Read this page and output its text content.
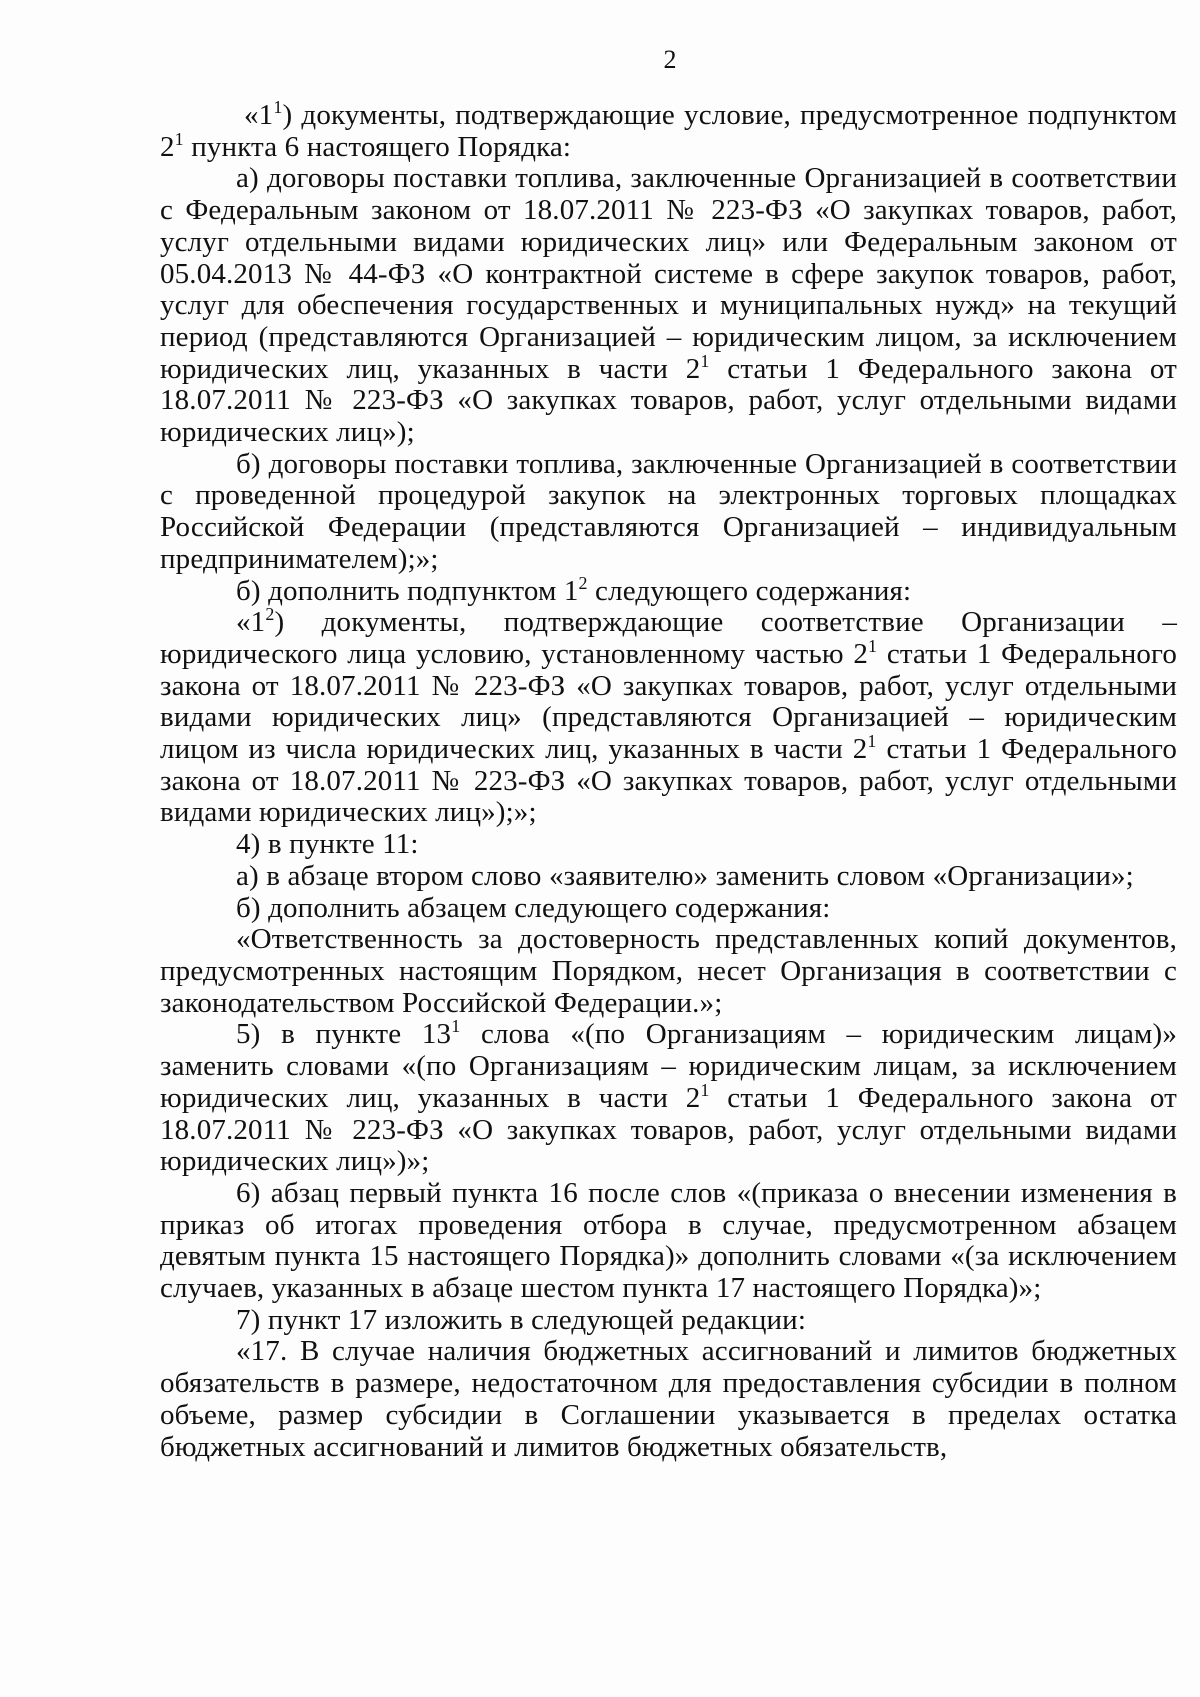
2

«$1^1$) документы, подтверждающие условие, предусмотренное подпунктом $2^1$ пункта 6 настоящего Порядка:

а) договоры поставки топлива, заключенные Организацией в соответствии с Федеральным законом от 18.07.2011 № 223-ФЗ «О закупках товаров, работ, услуг отдельными видами юридических лиц» или Федеральным законом от 05.04.2013 № 44-ФЗ «О контрактной системе в сфере закупок товаров, работ, услуг для обеспечения государственных и муниципальных нужд» на текущий период (представляются Организацией – юридическим лицом, за исключением юридических лиц, указанных в части $2^1$ статьи 1 Федерального закона от 18.07.2011 № 223-ФЗ «О закупках товаров, работ, услуг отдельными видами юридических лиц»);

б) договоры поставки топлива, заключенные Организацией в соответствии с проведенной процедурой закупок на электронных торговых площадках Российской Федерации (представляются Организацией – индивидуальным предпринимателем);»;

б) дополнить подпунктом $1^2$ следующего содержания:

«$1^2$) документы, подтверждающие соответствие Организации – юридического лица условию, установленному частью $2^1$ статьи 1 Федерального закона от 18.07.2011 № 223-ФЗ «О закупках товаров, работ, услуг отдельными видами юридических лиц» (представляются Организацией – юридическим лицом из числа юридических лиц, указанных в части $2^1$ статьи 1 Федерального закона от 18.07.2011 № 223-ФЗ «О закупках товаров, работ, услуг отдельными видами юридических лиц»);»;

4) в пункте 11:

а) в абзаце втором слово «заявителю» заменить словом «Организации»;

б) дополнить абзацем следующего содержания:

«Ответственность за достоверность представленных копий документов, предусмотренных настоящим Порядком, несет Организация в соответствии с законодательством Российской Федерации.»;

5) в пункте $13^1$ слова «(по Организациям – юридическим лицам)» заменить словами «(по Организациям – юридическим лицам, за исключением юридических лиц, указанных в части $2^1$ статьи 1 Федерального закона от 18.07.2011 № 223-ФЗ «О закупках товаров, работ, услуг отдельными видами юридических лиц»)»;

6) абзац первый пункта 16 после слов «(приказа о внесении изменения в приказ об итогах проведения отбора в случае, предусмотренном абзацем девятым пункта 15 настоящего Порядка)» дополнить словами «(за исключением случаев, указанных в абзаце шестом пункта 17 настоящего Порядка)»;

7) пункт 17 изложить в следующей редакции:

«17. В случае наличия бюджетных ассигнований и лимитов бюджетных обязательств в размере, недостаточном для предоставления субсидии в полном объеме, размер субсидии в Соглашении указывается в пределах остатка бюджетных ассигнований и лимитов бюджетных обязательств,
